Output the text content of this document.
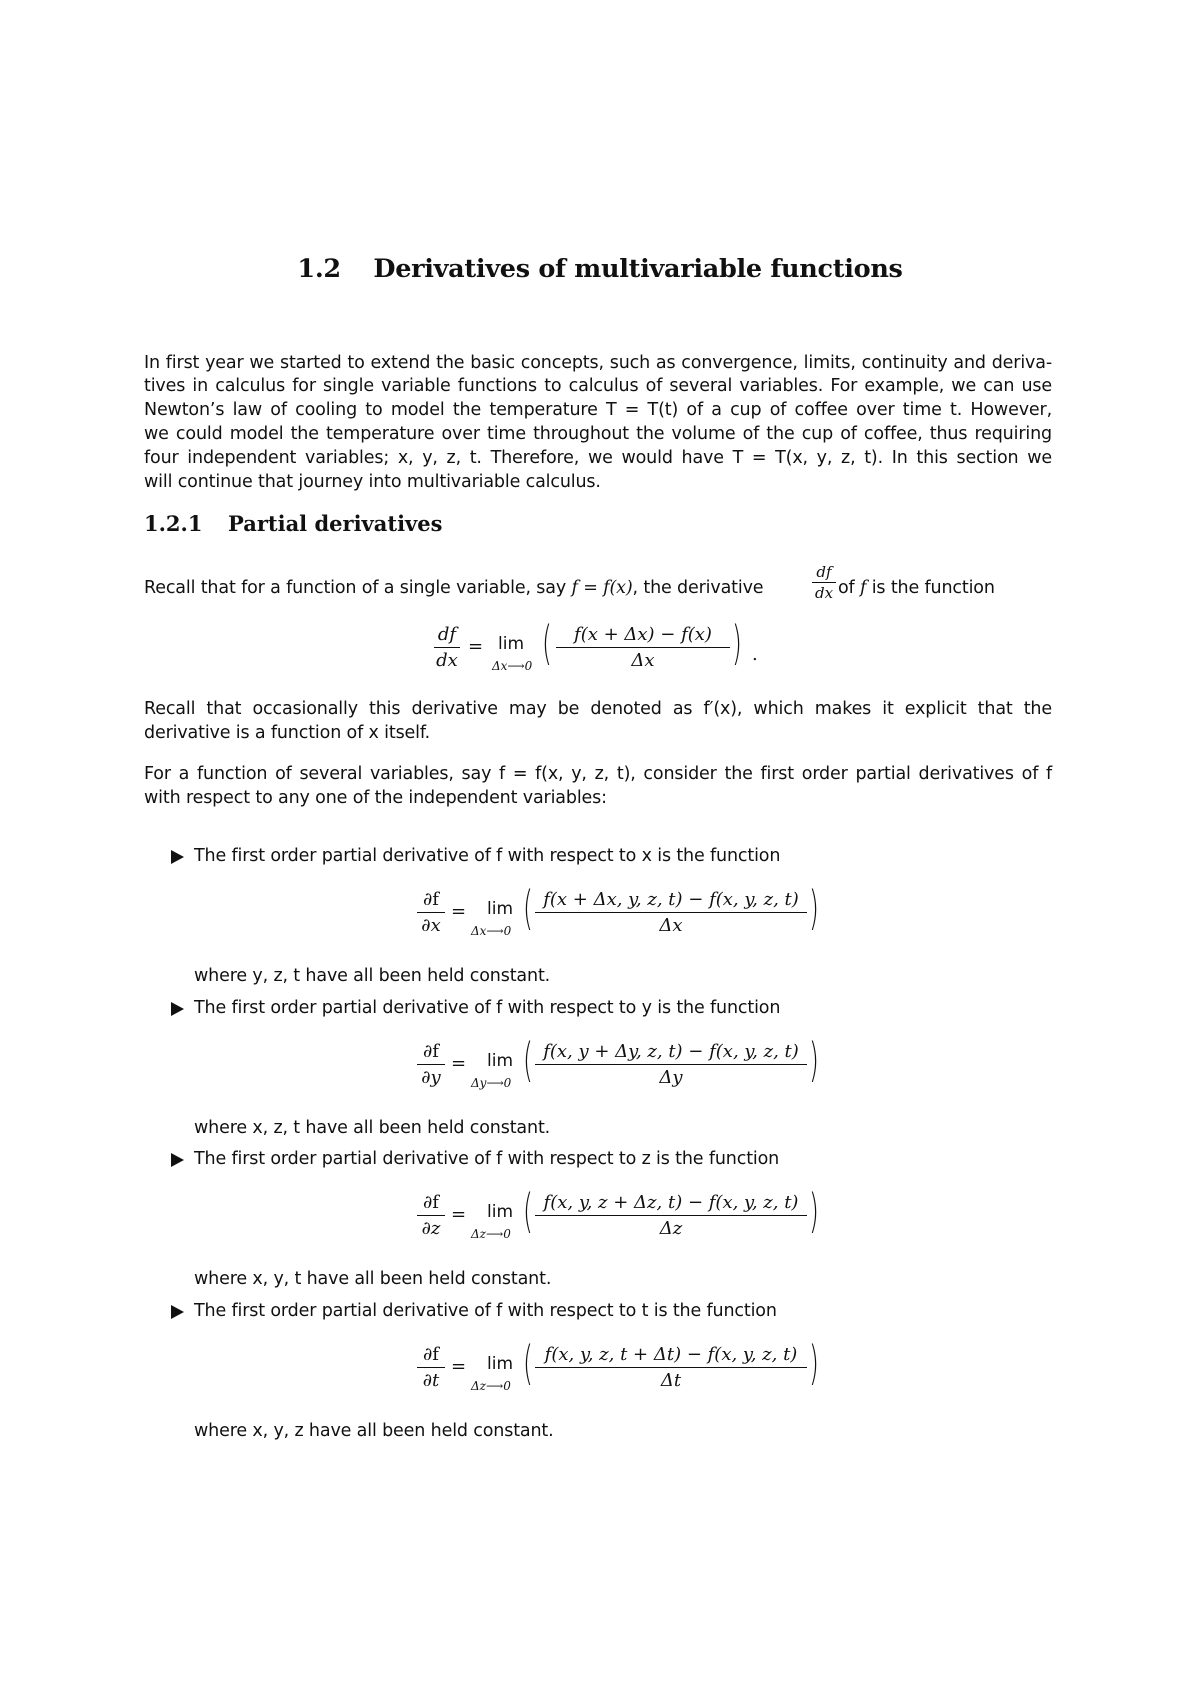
1.2 Derivatives of multivariable functions
In first year we started to extend the basic concepts, such as convergence, limits, continuity and deriva-
tives in calculus for single variable functions to calculus of several variables. For example, we can use
Newton’s law of cooling to model the temperature T = T(t) of a cup of coffee over time t. However,
we could model the temperature over time throughout the volume of the cup of coffee, thus requiring
four independent variables; x, y, z, t. Therefore, we would have T = T(x, y, z, t). In this section we
will continue that journey into multivariable calculus.
1.2.1 Partial derivatives
Recall that for a function of a single variable, say f = f(x), the derivative
df
dx of f is the function
df
dx
= lim
Δx⟶0 (	f(x + Δx) − f(x)
Δx	) .
Recall that occasionally this derivative may be denoted as f′(x), which makes it explicit that the
derivative is a function of x itself.
For a function of several variables, say f = f(x, y, z, t), consider the first order partial derivatives of f
with respect to any one of the independent variables:
The first order partial derivative of f with respect to x is the function
∂f
∂x
= lim
Δx⟶0 ( f(x + Δx, y, z, t) − f(x, y, z, t)
Δx	)
where y, z, t have all been held constant.
The first order partial derivative of f with respect to y is the function
∂f
∂y
= lim
Δy⟶0 ( f(x, y + Δy, z, t) − f(x, y, z, t)
Δy	)
where x, z, t have all been held constant.
The first order partial derivative of f with respect to z is the function
∂f
∂z
= lim
Δz⟶0 ( f(x, y, z + Δz, t) − f(x, y, z, t)
Δz	)
where x, y, t have all been held constant.
The first order partial derivative of f with respect to t is the function
∂f
∂t
= lim
Δz⟶0 ( f(x, y, z, t + Δt) − f(x, y, z, t)
Δt	)
where x, y, z have all been held constant.
